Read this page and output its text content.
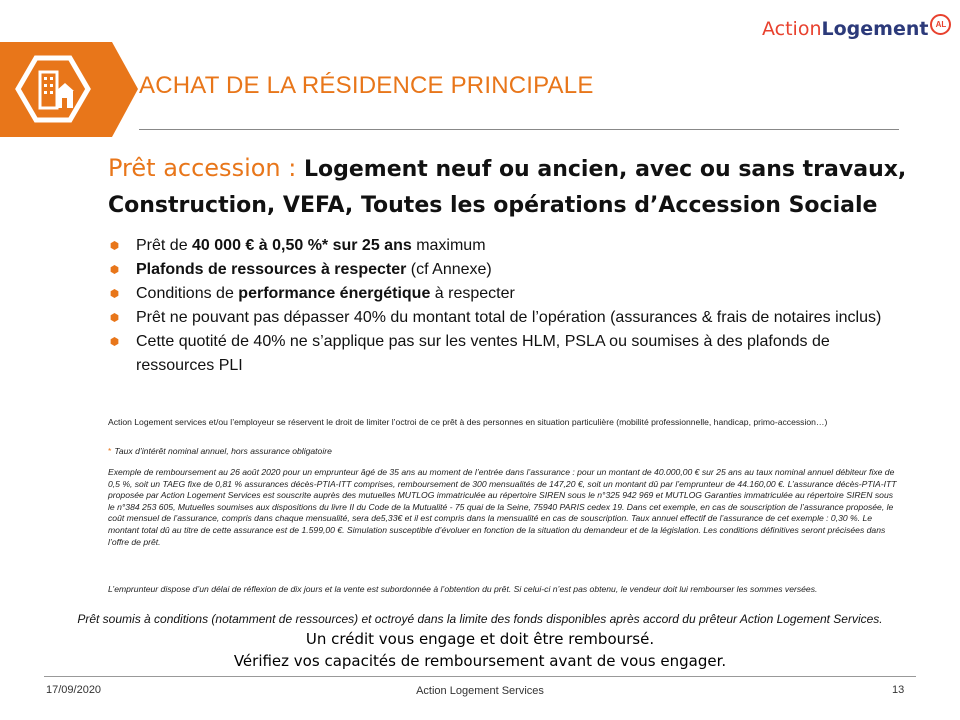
Action Logement AL
ACHAT DE LA RÉSIDENCE PRINCIPALE
Prêt accession : Logement neuf ou ancien, avec ou sans travaux, Construction, VEFA, Toutes les opérations d’Accession Sociale
Prêt de 40 000 € à 0,50 %* sur 25 ans maximum
Plafonds de ressources à respecter (cf Annexe)
Conditions de performance énergétique à respecter
Prêt ne pouvant pas dépasser 40% du montant total de l’opération (assurances & frais de notaires inclus)
Cette quotité de 40% ne s’applique pas sur les ventes HLM, PSLA ou soumises à des plafonds de ressources PLI
Action Logement services et/ou l’employeur se réservent le droit de limiter l’octroi de ce prêt à des personnes en situation particulière (mobilité professionnelle, handicap, primo-accession…)
* Taux d’intérêt nominal annuel, hors assurance obligatoire
Exemple de remboursement au 26 août 2020 pour un emprunteur âgé de 35 ans au moment de l’entrée dans l’assurance : pour un montant de 40.000,00 € sur 25 ans au taux nominal annuel débiteur fixe de 0,5 %, soit un TAEG fixe de 0,81 % assurances décès-PTIA-ITT comprises, remboursement de 300 mensualités de 147,20 €, soit un montant dû par l’emprunteur de 44.160,00 €. L’assurance décès-PTIA-ITT proposée par Action Logement Services est souscrite auprès des mutuelles MUTLOG immatriculée au répertoire SIREN sous le n°325 942 969 et MUTLOG Garanties immatriculée au répertoire SIREN sous le n°384 253 605, Mutuelles soumises aux dispositions du livre II du Code de la Mutualité - 75 quai de la Seine, 75940 PARIS cedex 19. Dans cet exemple, en cas de souscription de l’assurance proposée, le coût mensuel de l’assurance, compris dans chaque mensualité, sera de5,33€ et il est compris dans la mensualité en cas de souscription. Taux annuel effectif de l’assurance de cet exemple : 0,30 %. Le montant total dû au titre de cette assurance est de 1.599,00 €. Simulation susceptible d’évoluer en fonction de la situation du demandeur et de la législation. Les conditions définitives seront précisées dans l’offre de prêt.
L’emprunteur dispose d’un délai de réflexion de dix jours et la vente est subordonnée à l’obtention du prêt. Si celui-ci n’est pas obtenu, le vendeur doit lui rembourser les sommes versées.
Prêt soumis à conditions (notamment de ressources) et octroyé dans la limite des fonds disponibles après accord du prêteur Action Logement Services.
Un crédit vous engage et doit être remboursé.
Vérifiez vos capacités de remboursement avant de vous engager.
17/09/2020	Action Logement Services	13
